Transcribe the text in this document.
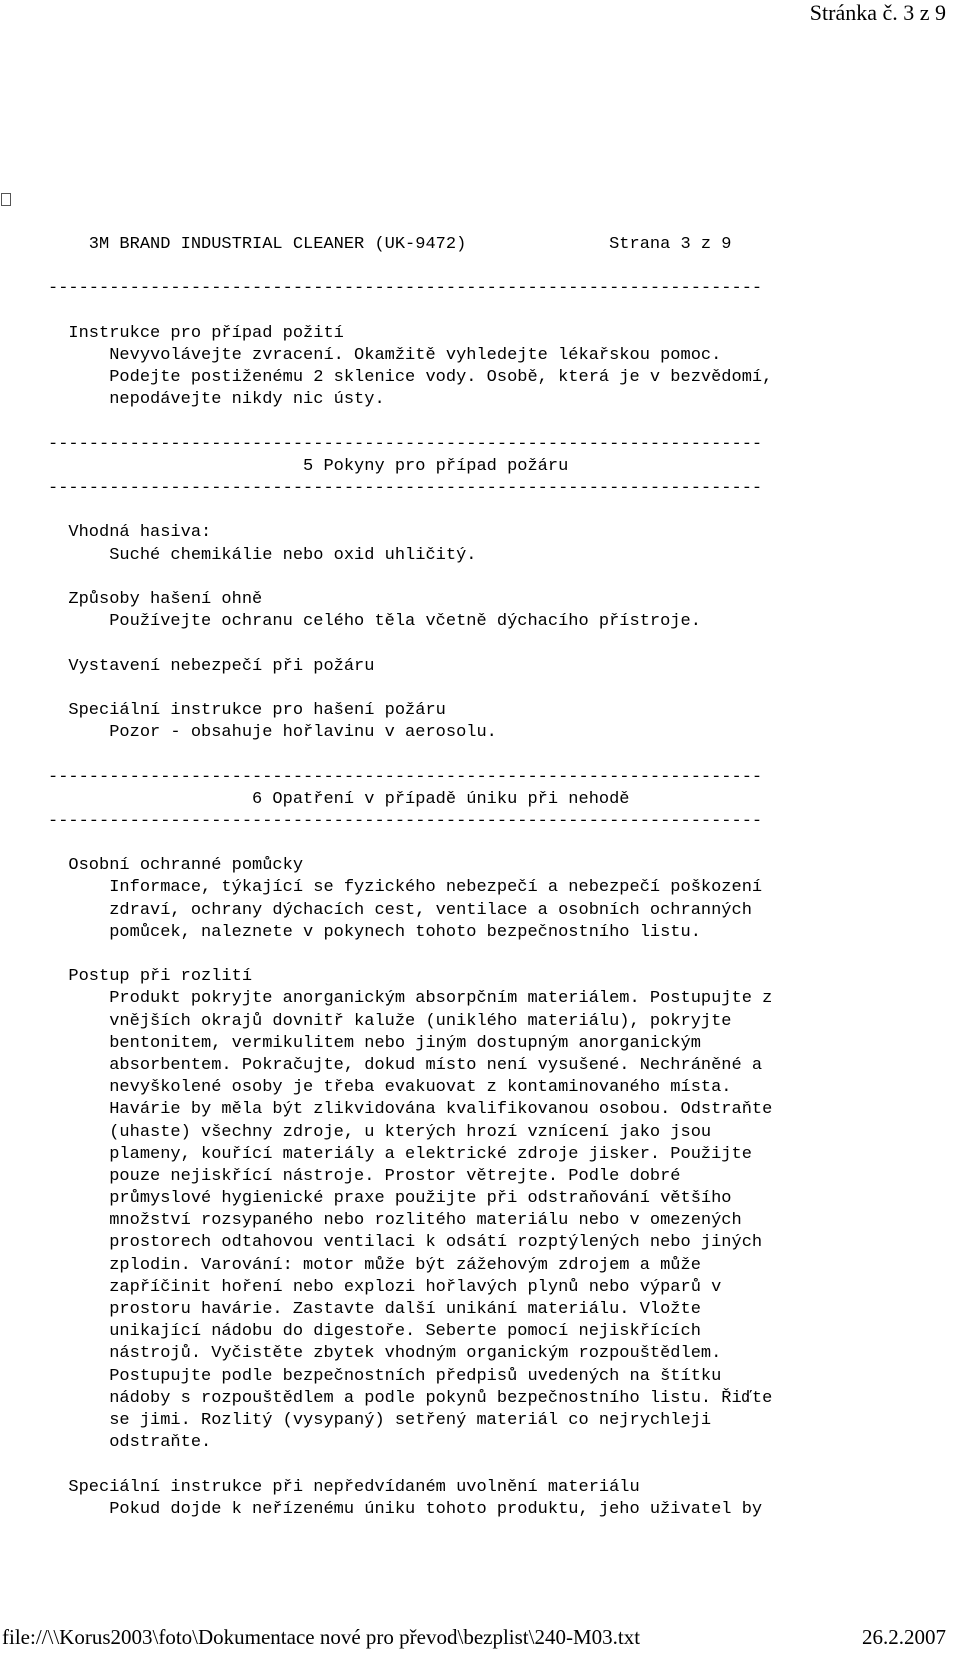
Stránka č. 3 z 9
3M BRAND INDUSTRIAL CLEANER (UK-9472)              Strana 3 z 9
----------------------------------------------------------------------
Instrukce pro případ požití
Nevyvolávejte zvracení. Okamžitě vyhledejte lékařskou pomoc.
Podejte postiženému 2 sklenice vody. Osobě, která je v bezvědomí,
nepodávejte nikdy nic ústy.
----------------------------------------------------------------------
5 Pokyny pro případ požáru
----------------------------------------------------------------------
Vhodná hasiva:
Suché chemikálie nebo oxid uhličitý.
Způsoby hašení ohně
Používejte ochranu celého těla včetně dýchacího přístroje.
Vystavení nebezpečí při požáru
Speciální instrukce pro hašení požáru
Pozor - obsahuje hořlavinu v aerosolu.
----------------------------------------------------------------------
6 Opatření v případě úniku při nehodě
----------------------------------------------------------------------
Osobní ochranné pomůcky
Informace, týkající se fyzického nebezpečí a nebezpečí poškození
zdraví, ochrany dýchacích cest, ventilace a osobních ochranných
pomůcek, naleznete v pokynech tohoto bezpečnostního listu.
Postup při rozlití
Produkt pokryjte anorganickým absorpčním materiálem. Postupujte z
vnějších okrajů dovnitř kaluže (uniklého materiálu), pokryjte
bentonitem, vermikulitem nebo jiným dostupným anorganickým
absorbentem. Pokračujte, dokud místo není vysušené. Nechráněné a
nevyškolené osoby je třeba evakuovat z kontaminovaného místa.
Havárie by měla být zlikvidována kvalifikovanou osobou. Odstraňte
(uhaste) všechny zdroje, u kterých hrozí vznícení jako jsou
plameny, kouřící materiály a elektrické zdroje jisker. Použijte
pouze nejiskřící nástroje. Prostor větrejte. Podle dobré
průmyslové hygienické praxe použijte při odstraňování většího
množství rozsypaného nebo rozlitého materiálu nebo v omezených
prostorech odtahovou ventilaci k odsátí rozptýlených nebo jiných
zplodin. Varování: motor může být zážehovým zdrojem a může
zapříčinit hoření nebo explozi hořlavých plynů nebo výparů v
prostoru havárie. Zastavte další unikání materiálu. Vložte
unikající nádobu do digestoře. Seberte pomocí nejiskřících
nástrojů. Vyčistěte zbytek vhodným organickým rozpouštědlem.
Postupujte podle bezpečnostních předpisů uvedených na štítku
nádoby s rozpouštědlem a podle pokynů bezpečnostního listu. Řiďte
se jimi. Rozlitý (vysypaný) setřený materiál co nejrychleji
odstraňte.
Speciální instrukce při nepředvídaném uvolnění materiálu
Pokud dojde k neřízenému úniku tohoto produktu, jeho uživatel by
file://\\Korus2003\foto\Dokumentace nové pro převod\bezplist\240-M03.txt	26.2.2007
